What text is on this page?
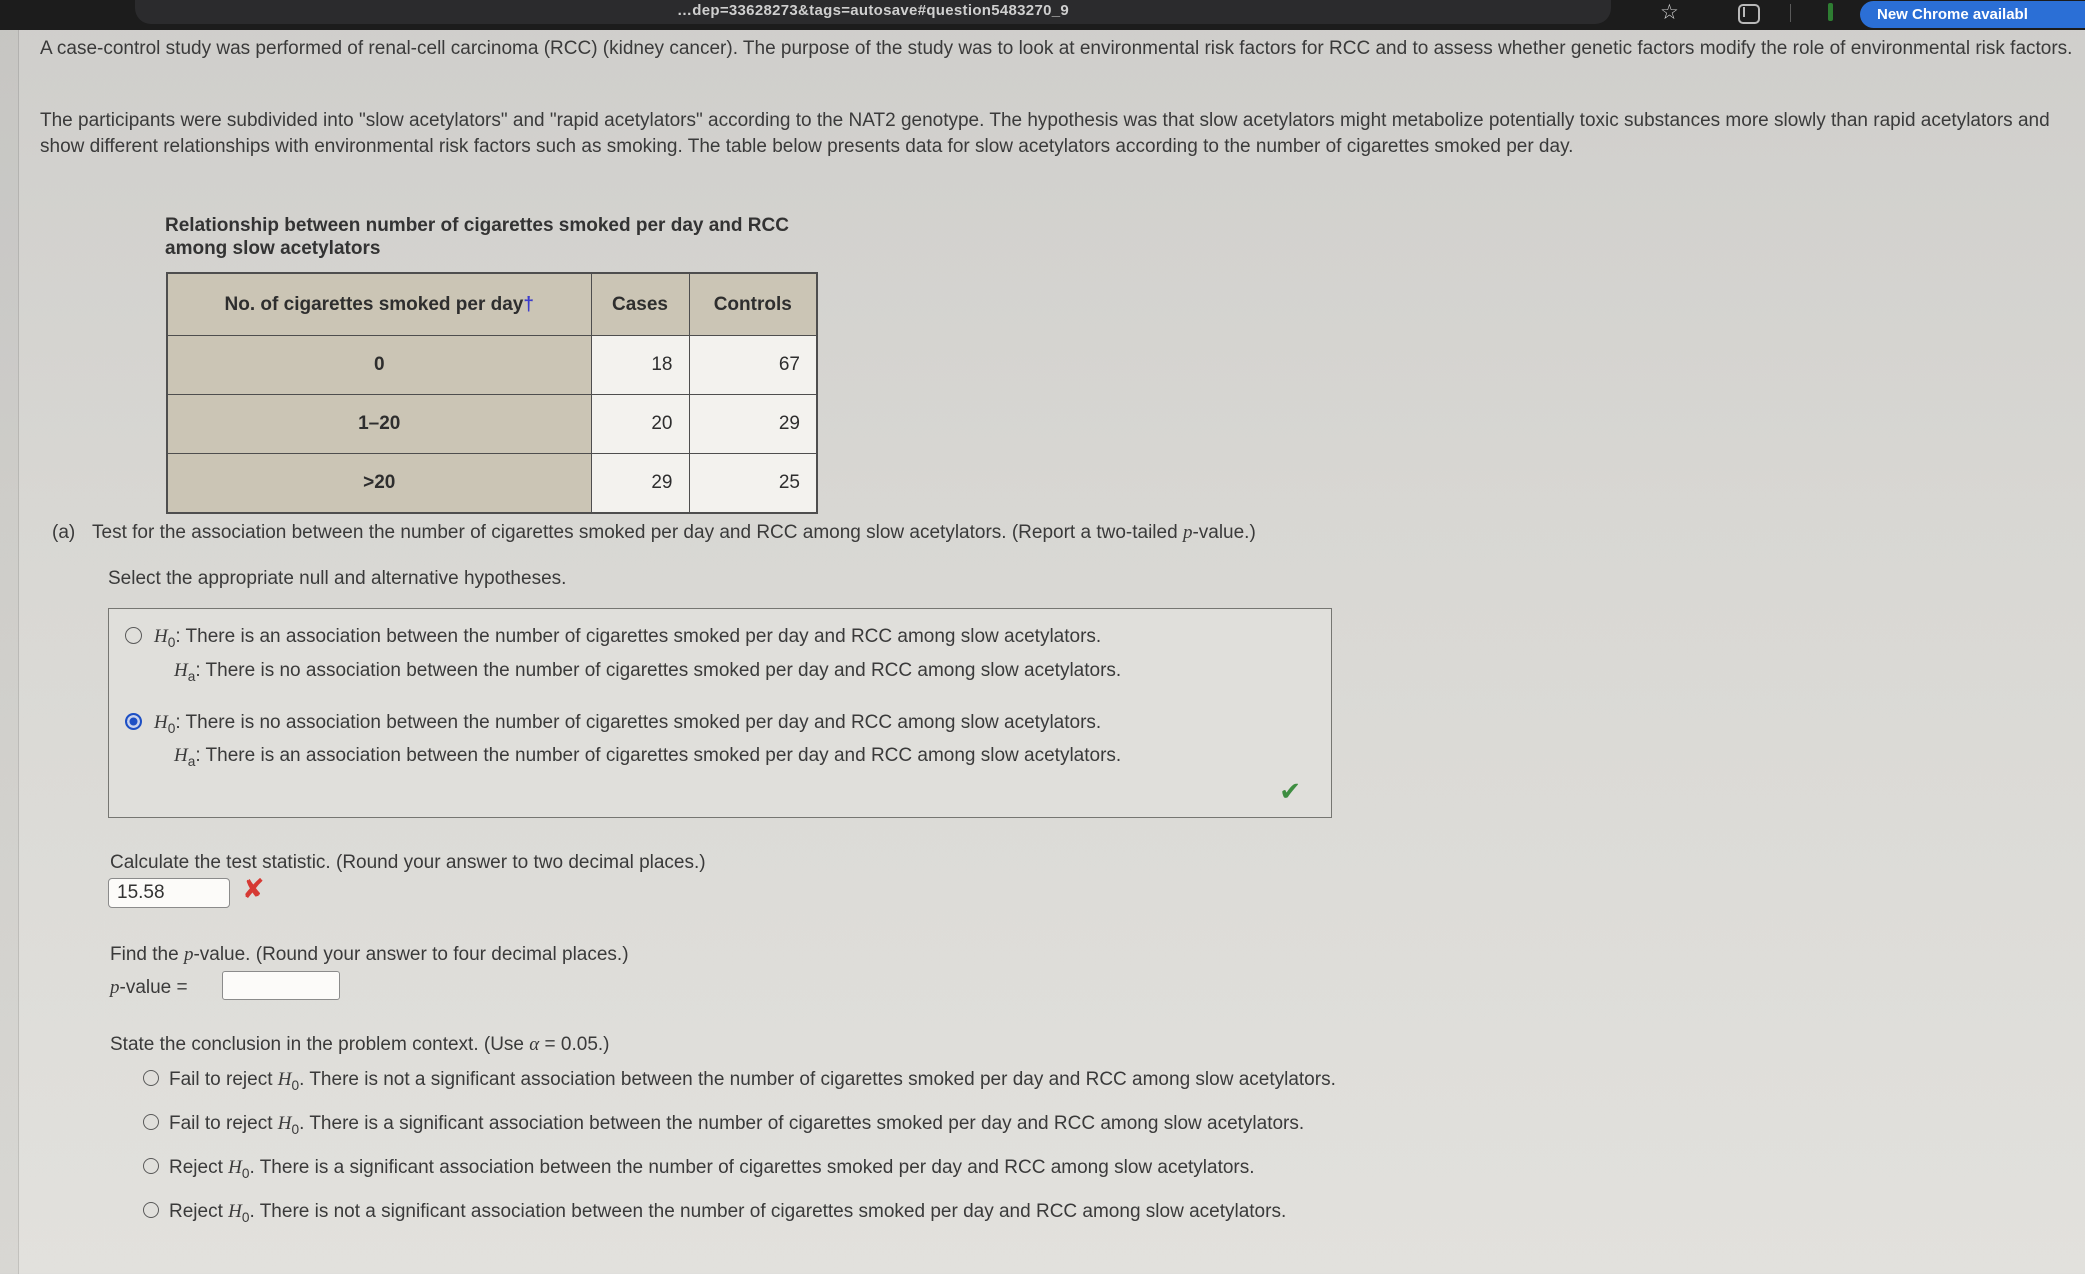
…dep=33628273&tags=autosave#question5483270_9	☆	New Chrome availabl
A case-control study was performed of renal-cell carcinoma (RCC) (kidney cancer). The purpose of the study was to look at environmental risk factors for RCC and to assess whether genetic factors modify the role of environmental risk factors.
The participants were subdivided into "slow acetylators" and "rapid acetylators" according to the NAT2 genotype. The hypothesis was that slow acetylators might metabolize potentially toxic substances more slowly than rapid acetylators and show different relationships with environmental risk factors such as smoking. The table below presents data for slow acetylators according to the number of cigarettes smoked per day.
Relationship between number of cigarettes smoked per day and RCC among slow acetylators
No. of cigarettes smoked per day†	Cases	Controls
0	18	67
1–20	20	29
>20	29	25
(a) Test for the association between the number of cigarettes smoked per day and RCC among slow acetylators. (Report a two-tailed p-value.)
Select the appropriate null and alternative hypotheses.
$H_0$: There is an association between the number of cigarettes smoked per day and RCC among slow acetylators.
$H_a$: There is no association between the number of cigarettes smoked per day and RCC among slow acetylators.
$H_0$: There is no association between the number of cigarettes smoked per day and RCC among slow acetylators.
$H_a$: There is an association between the number of cigarettes smoked per day and RCC among slow acetylators.
✔
Calculate the test statistic. (Round your answer to two decimal places.)
15.58
✘
Find the p-value. (Round your answer to four decimal places.)
p-value =
State the conclusion in the problem context. (Use α = 0.05.)
Fail to reject $H_0$. There is not a significant association between the number of cigarettes smoked per day and RCC among slow acetylators.
Fail to reject $H_0$. There is a significant association between the number of cigarettes smoked per day and RCC among slow acetylators.
Reject $H_0$. There is a significant association between the number of cigarettes smoked per day and RCC among slow acetylators.
Reject $H_0$. There is not a significant association between the number of cigarettes smoked per day and RCC among slow acetylators.
